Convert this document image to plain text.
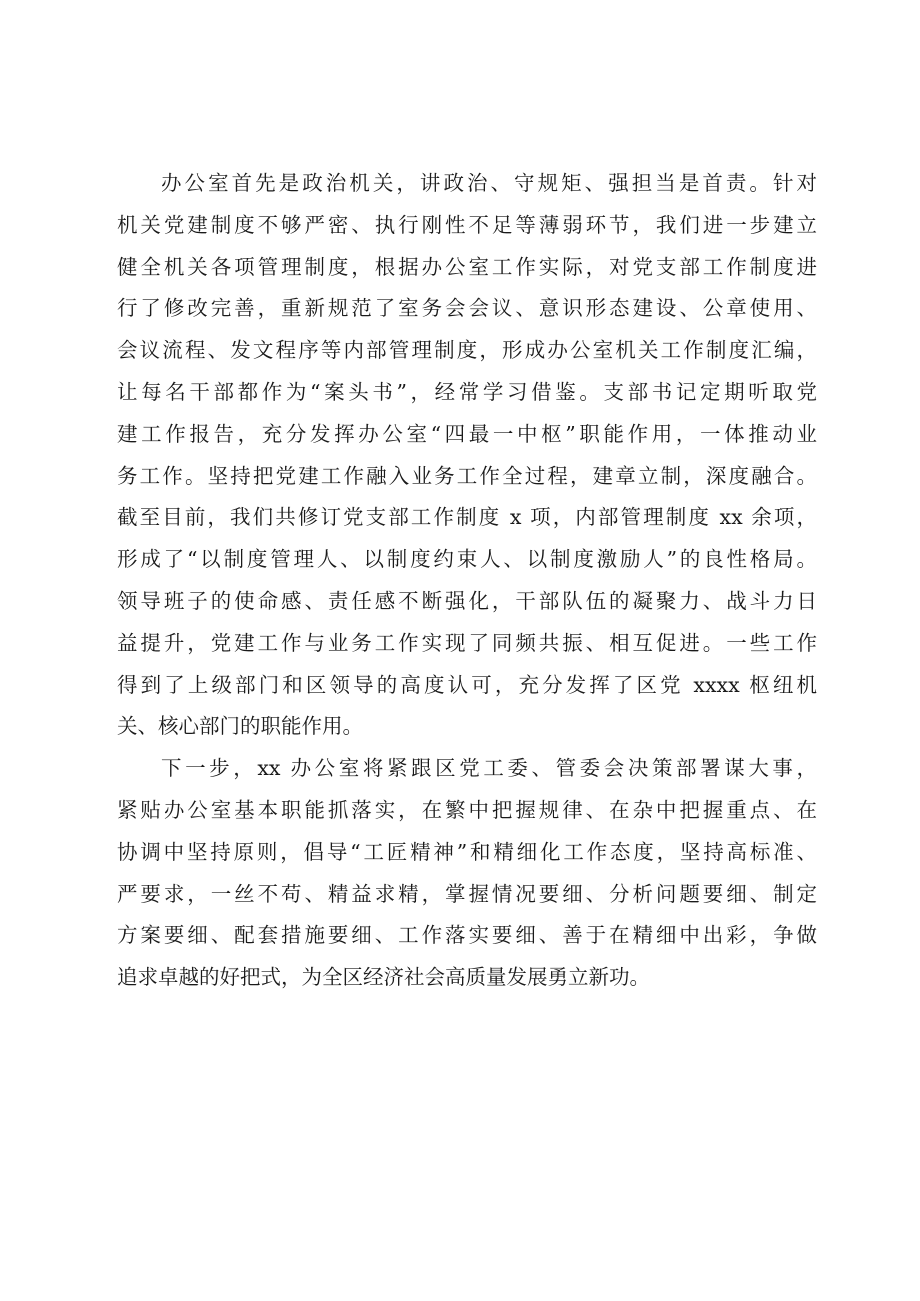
办公室首先是政治机关，讲政治、守规矩、强担当是首责。针对
机关党建制度不够严密、执行刚性不足等薄弱环节，我们进一步建立
健全机关各项管理制度，根据办公室工作实际，对党支部工作制度进
行了修改完善，重新规范了室务会会议、意识形态建设、公章使用、
会议流程、发文程序等内部管理制度，形成办公室机关工作制度汇编，
让每名干部都作为“案头书”，经常学习借鉴。支部书记定期听取党
建工作报告，充分发挥办公室“四最一中枢”职能作用，一体推动业
务工作。坚持把党建工作融入业务工作全过程，建章立制，深度融合。
截至目前，我们共修订党支部工作制度 x 项，内部管理制度 xx 余项，
形成了“以制度管理人、以制度约束人、以制度激励人”的良性格局。
领导班子的使命感、责任感不断强化，干部队伍的凝聚力、战斗力日
益提升，党建工作与业务工作实现了同频共振、相互促进。一些工作
得到了上级部门和区领导的高度认可，充分发挥了区党 xxxx 枢纽机
关、核心部门的职能作用。
下一步，xx 办公室将紧跟区党工委、管委会决策部署谋大事，
紧贴办公室基本职能抓落实，在繁中把握规律、在杂中把握重点、在
协调中坚持原则，倡导“工匠精神”和精细化工作态度，坚持高标准、
严要求，一丝不苟、精益求精，掌握情况要细、分析问题要细、制定
方案要细、配套措施要细、工作落实要细、善于在精细中出彩，争做
追求卓越的好把式，为全区经济社会高质量发展勇立新功。
